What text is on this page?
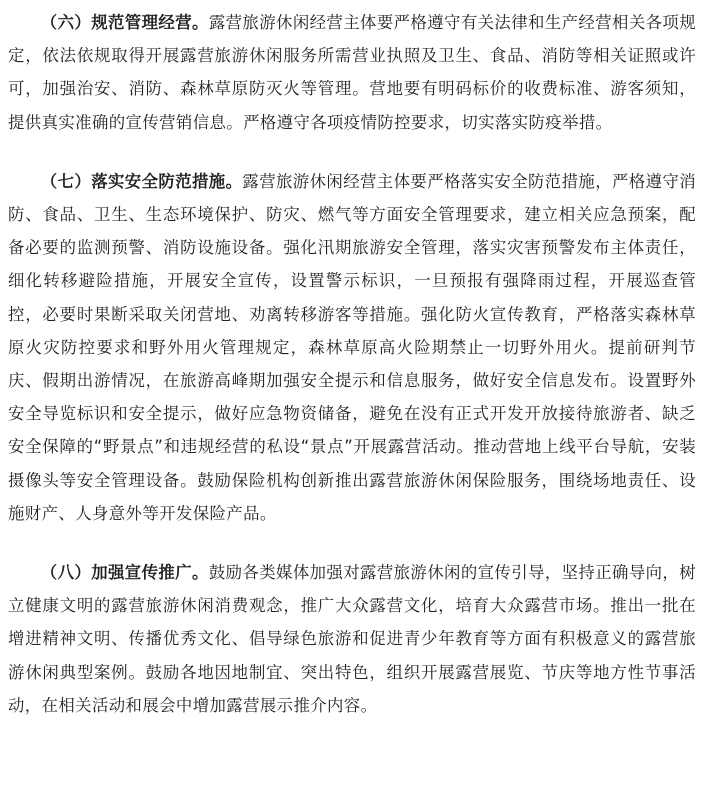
（六）规范管理经营。露营旅游休闲经营主体要严格遵守有关法律和生产经营相关各项规定，依法依规取得开展露营旅游休闲服务所需营业执照及卫生、食品、消防等相关证照或许可，加强治安、消防、森林草原防灭火等管理。营地要有明码标价的收费标准、游客须知，提供真实准确的宣传营销信息。严格遵守各项疫情防控要求，切实落实防疫举措。

（七）落实安全防范措施。露营旅游休闲经营主体要严格落实安全防范措施，严格遵守消防、食品、卫生、生态环境保护、防灾、燃气等方面安全管理要求，建立相关应急预案，配备必要的监测预警、消防设施设备。强化汛期旅游安全管理，落实灾害预警发布主体责任，细化转移避险措施，开展安全宣传，设置警示标识，一旦预报有强降雨过程，开展巡查管控，必要时果断采取关闭营地、劝离转移游客等措施。强化防火宣传教育，严格落实森林草原火灾防控要求和野外用火管理规定，森林草原高火险期禁止一切野外用火。提前研判节庆、假期出游情况，在旅游高峰期加强安全提示和信息服务，做好安全信息发布。设置野外安全导览标识和安全提示，做好应急物资储备，避免在没有正式开发开放接待旅游者、缺乏安全保障的“野景点”和违规经营的私设“景点”开展露营活动。推动营地上线平台导航，安装摄像头等安全管理设备。鼓励保险机构创新推出露营旅游休闲保险服务，围绕场地责任、设施财产、人身意外等开发保险产品。

（八）加强宣传推广。鼓励各类媒体加强对露营旅游休闲的宣传引导，坚持正确导向，树立健康文明的露营旅游休闲消费观念，推广大众露营文化，培育大众露营市场。推出一批在增进精神文明、传播优秀文化、倡导绿色旅游和促进青少年教育等方面有积极意义的露营旅游休闲典型案例。鼓励各地因地制宜、突出特色，组织开展露营展览、节庆等地方性节事活动，在相关活动和展会中增加露营展示推介内容。
